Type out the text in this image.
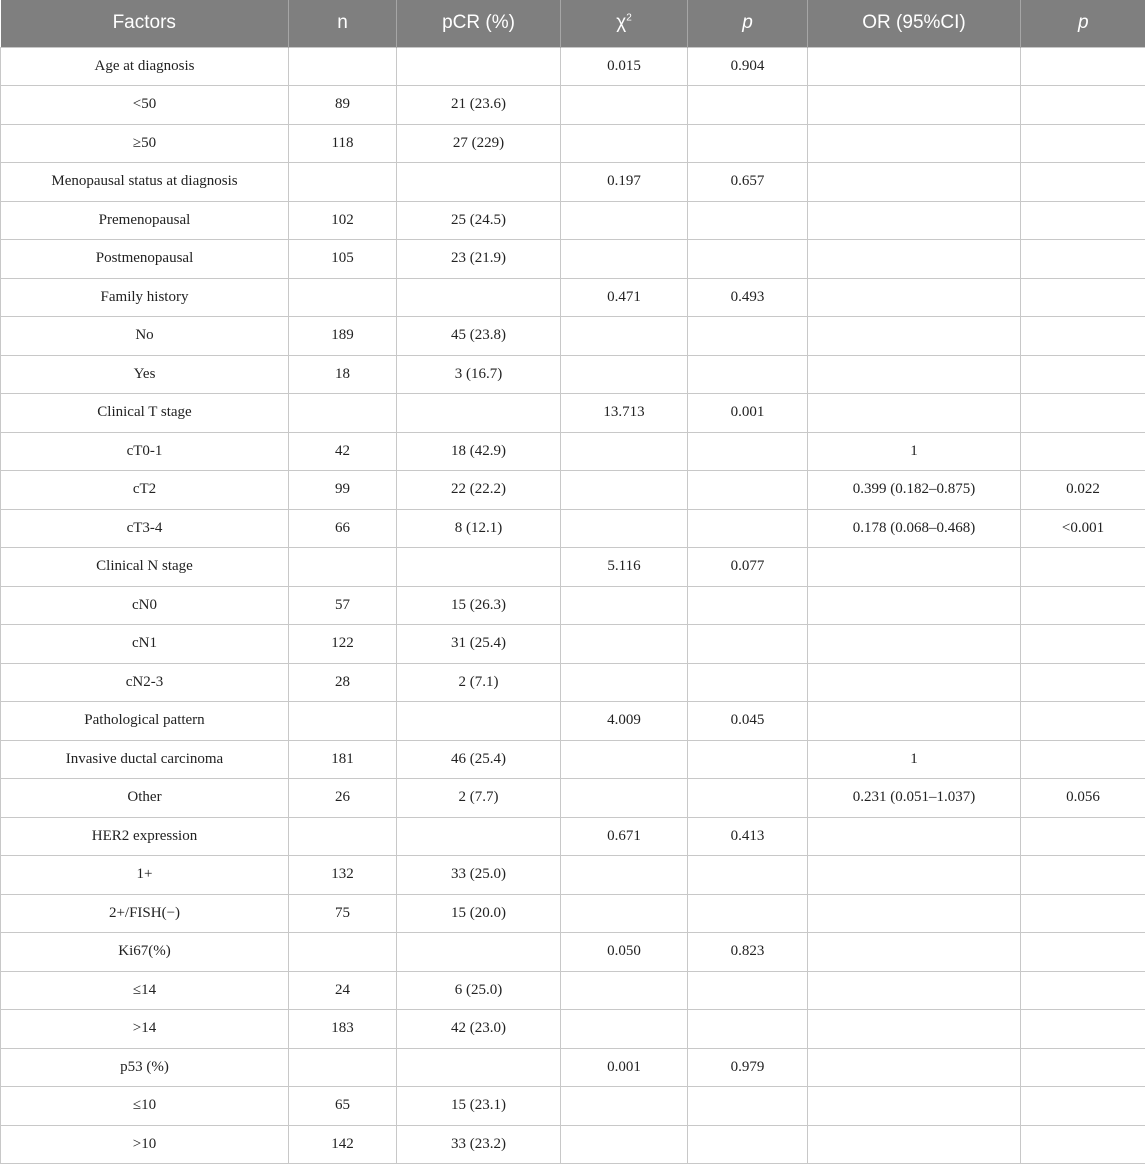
Factors	n	pCR (%)	$\chi^2$	p	OR (95%CI)	p
Age at diagnosis			0.015	0.904		
<50	89	21 (23.6)				
≥50	118	27 (229)				
Menopausal status at diagnosis			0.197	0.657		
Premenopausal	102	25 (24.5)				
Postmenopausal	105	23 (21.9)				
Family history			0.471	0.493		
No	189	45 (23.8)				
Yes	18	3 (16.7)				
Clinical T stage			13.713	0.001		
cT0-1	42	18 (42.9)			1	
cT2	99	22 (22.2)			0.399 (0.182–0.875)	0.022
cT3-4	66	8 (12.1)			0.178 (0.068–0.468)	<0.001
Clinical N stage			5.116	0.077		
cN0	57	15 (26.3)				
cN1	122	31 (25.4)				
cN2-3	28	2 (7.1)				
Pathological pattern			4.009	0.045		
Invasive ductal carcinoma	181	46 (25.4)			1	
Other	26	2 (7.7)			0.231 (0.051–1.037)	0.056
HER2 expression			0.671	0.413		
1+	132	33 (25.0)				
2+/FISH(−)	75	15 (20.0)				
Ki67(%)			0.050	0.823		
≤14	24	6 (25.0)				
>14	183	42 (23.0)				
p53 (%)			0.001	0.979		
≤10	65	15 (23.1)				
>10	142	33 (23.2)				
